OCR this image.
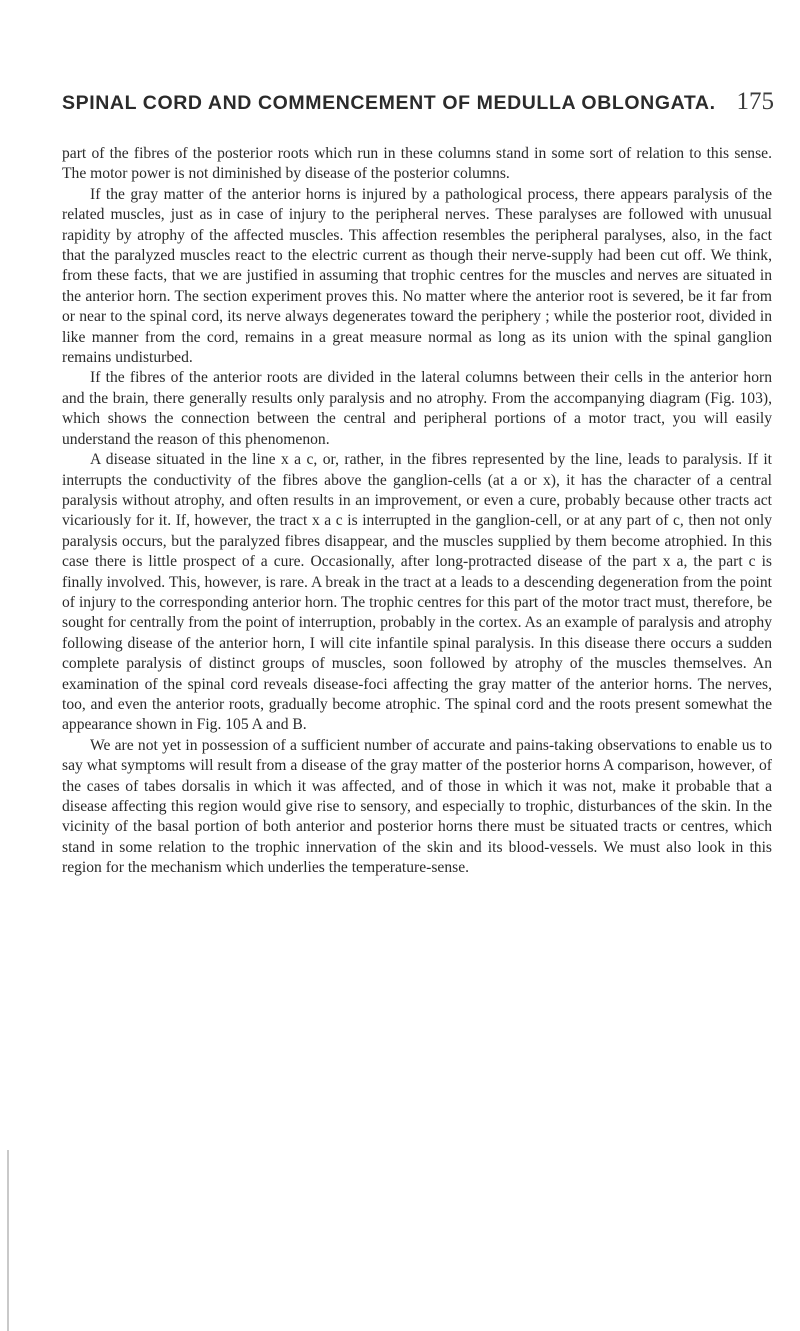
SPINAL CORD AND COMMENCEMENT OF MEDULLA OBLONGATA. 175

part of the fibres of the posterior roots which run in these columns stand in some sort of relation to this sense. The motor power is not diminished by disease of the posterior columns.

If the gray matter of the anterior horns is injured by a pathological process, there appears paralysis of the related muscles, just as in case of injury to the peripheral nerves. These paralyses are followed with unusual rapidity by atrophy of the affected muscles. This affection resembles the peripheral paralyses, also, in the fact that the paralyzed muscles react to the electric current as though their nerve-supply had been cut off. We think, from these facts, that we are justified in assuming that trophic centres for the muscles and nerves are situated in the anterior horn. The section experiment proves this. No matter where the anterior root is severed, be it far from or near to the spinal cord, its nerve always degenerates toward the periphery ; while the posterior root, divided in like manner from the cord, remains in a great measure normal as long as its union with the spinal ganglion remains undisturbed.

If the fibres of the anterior roots are divided in the lateral columns between their cells in the anterior horn and the brain, there generally results only paralysis and no atrophy. From the accompanying diagram (Fig. 103), which shows the connection between the central and peripheral portions of a motor tract, you will easily understand the reason of this phenomenon.

A disease situated in the line x a c, or, rather, in the fibres represented by the line, leads to paralysis. If it interrupts the conductivity of the fibres above the ganglion-cells (at a or x), it has the character of a central paralysis without atrophy, and often results in an improvement, or even a cure, probably because other tracts act vicariously for it. If, however, the tract x a c is interrupted in the ganglion-cell, or at any part of c, then not only paralysis occurs, but the paralyzed fibres disappear, and the muscles supplied by them become atrophied. In this case there is little prospect of a cure. Occasionally, after long-protracted disease of the part x a, the part c is finally involved. This, however, is rare. A break in the tract at a leads to a descending degeneration from the point of injury to the corresponding anterior horn. The trophic centres for this part of the motor tract must, therefore, be sought for centrally from the point of interruption, probably in the cortex. As an example of paralysis and atrophy following disease of the anterior horn, I will cite infantile spinal paralysis. In this disease there occurs a sudden complete paralysis of distinct groups of muscles, soon followed by atrophy of the muscles themselves. An examination of the spinal cord reveals disease-foci affecting the gray matter of the anterior horns. The nerves, too, and even the anterior roots, gradually become atrophic. The spinal cord and the roots present somewhat the appearance shown in Fig. 105 A and B.

We are not yet in possession of a sufficient number of accurate and pains-taking observations to enable us to say what symptoms will result from a disease of the gray matter of the posterior horns A comparison, however, of the cases of tabes dorsalis in which it was affected, and of those in which it was not, make it probable that a disease affecting this region would give rise to sensory, and especially to trophic, disturbances of the skin. In the vicinity of the basal portion of both anterior and posterior horns there must be situated tracts or centres, which stand in some relation to the trophic innervation of the skin and its blood-vessels. We must also look in this region for the mechanism which underlies the temperature-sense.
